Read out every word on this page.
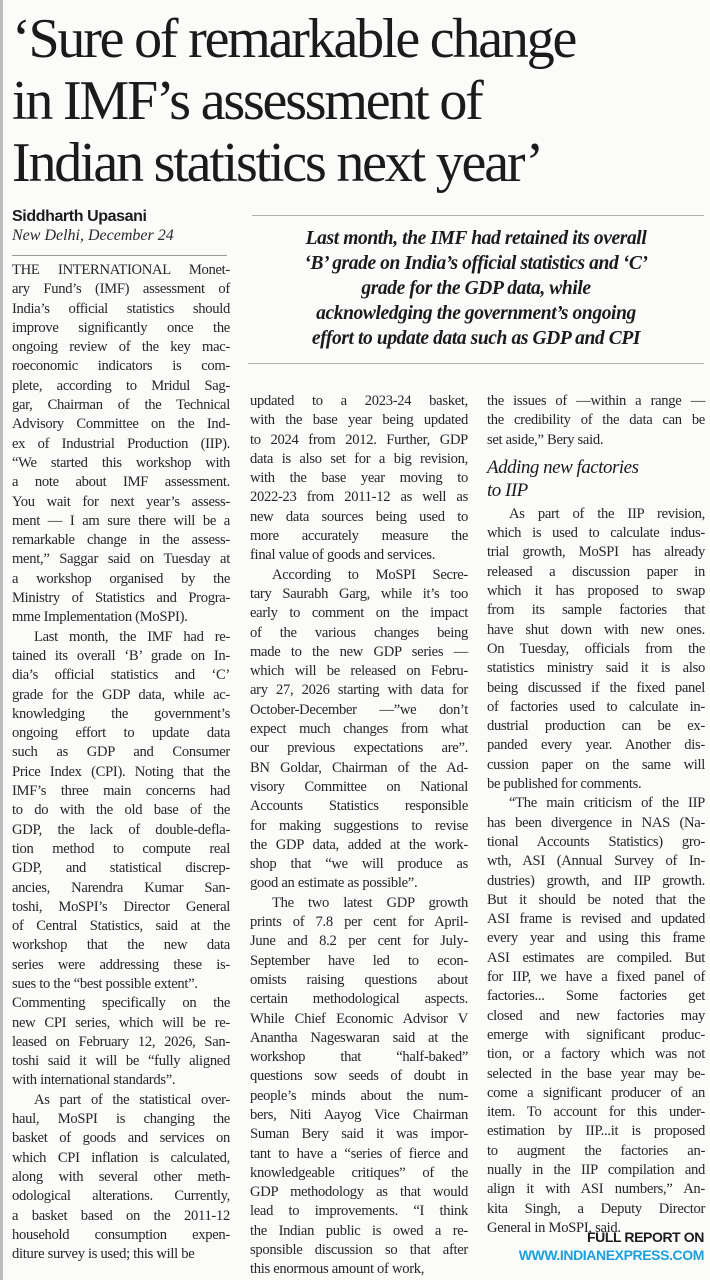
‘Sure of remarkable change
in IMF’s assessment of
Indian statistics next year’
Siddharth Upasani
New Delhi, December 24	Last month, the IMF had retained its overall
‘B’ grade on India’s official statistics and ‘C’
grade for the GDP data, while
acknowledging the government’s ongoing
effort to update data such as GDP and CPI
THE INTERNATIONAL Monet-
ary Fund’s (IMF) assessment of
India’s official statistics should
improve significantly once the
ongoing review of the key mac-
roeconomic indicators is com-
plete, according to Mridul Sag-
gar, Chairman of the Technical
Advisory Committee on the Ind-
ex of Industrial Production (IIP).
“We started this workshop with
a note about IMF assessment.
You wait for next year’s assess-
ment — I am sure there will be a
remarkable change in the assess-
ment,” Saggar said on Tuesday at
a workshop organised by the
Ministry of Statistics and Progra-
mme Implementation (MoSPI).
Last month, the IMF had re-
tained its overall ‘B’ grade on In-
dia’s official statistics and ‘C’
grade for the GDP data, while ac-
knowledging the government’s
ongoing effort to update data
such as GDP and Consumer
Price Index (CPI). Noting that the
IMF’s three main concerns had
to do with the old base of the
GDP, the lack of double-defla-
tion method to compute real
GDP, and statistical discrep-
ancies, Narendra Kumar San-
toshi, MoSPI’s Director General
of Central Statistics, said at the
workshop that the new data
series were addressing these is-
sues to the “best possible extent”.
Commenting specifically on the
new CPI series, which will be re-
leased on February 12, 2026, San-
toshi said it will be “fully aligned
with international standards”.
As part of the statistical over-
haul, MoSPI is changing the
basket of goods and services on
which CPI inflation is calculated,
along with several other meth-
odological alterations. Currently,
a basket based on the 2011-12
household consumption expen-
diture survey is used; this will be
updated to a 2023-24 basket,
with the base year being updated
to 2024 from 2012. Further, GDP
data is also set for a big revision,
with the base year moving to
2022-23 from 2011-12 as well as
new data sources being used to
more accurately measure the
final value of goods and services.
According to MoSPI Secre-
tary Saurabh Garg, while it’s too
early to comment on the impact
of the various changes being
made to the new GDP series —
which will be released on Febru-
ary 27, 2026 starting with data for
October-December —”we don’t
expect much changes from what
our previous expectations are”.
BN Goldar, Chairman of the Ad-
visory Committee on National
Accounts Statistics responsible
for making suggestions to revise
the GDP data, added at the work-
shop that “we will produce as
good an estimate as possible”.
The two latest GDP growth
prints of 7.8 per cent for April-
June and 8.2 per cent for July-
September have led to econ-
omists raising questions about
certain methodological aspects.
While Chief Economic Advisor V
Anantha Nageswaran said at the
workshop that “half-baked”
questions sow seeds of doubt in
people’s minds about the num-
bers, Niti Aayog Vice Chairman
Suman Bery said it was impor-
tant to have a “series of fierce and
knowledgeable critiques” of the
GDP methodology as that would
lead to improvements. “I think
the Indian public is owed a re-
sponsible discussion so that after
this enormous amount of work,
the issues of —within a range —
the credibility of the data can be
set aside,” Bery said.
Adding new factories
to IIP
As part of the IIP revision,
which is used to calculate indus-
trial growth, MoSPI has already
released a discussion paper in
which it has proposed to swap
from its sample factories that
have shut down with new ones.
On Tuesday, officials from the
statistics ministry said it is also
being discussed if the fixed panel
of factories used to calculate in-
dustrial production can be ex-
panded every year. Another dis-
cussion paper on the same will
be published for comments.
“The main criticism of the IIP
has been divergence in NAS (Na-
tional Accounts Statistics) gro-
wth, ASI (Annual Survey of In-
dustries) growth, and IIP growth.
But it should be noted that the
ASI frame is revised and updated
every year and using this frame
ASI estimates are compiled. But
for IIP, we have a fixed panel of
factories... Some factories get
closed and new factories may
emerge with significant produc-
tion, or a factory which was not
selected in the base year may be-
come a significant producer of an
item. To account for this under-
estimation by IIP...it is proposed
to augment the factories an-
nually in the IIP compilation and
align it with ASI numbers,” An-
kita Singh, a Deputy Director
General in MoSPI, said.
FULL REPORT ON
WWW.INDIANEXPRESS.COM
